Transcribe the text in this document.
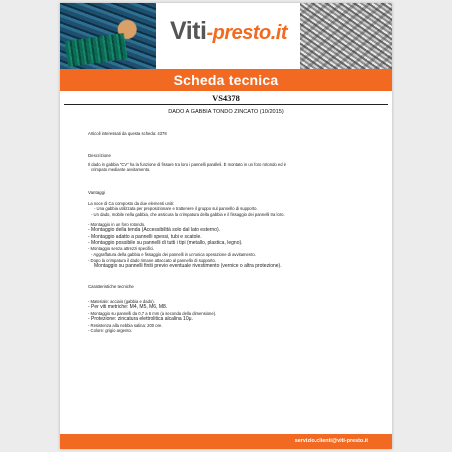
Viti-presto.it
Scheda tecnica
VS4378
DADO A GABBIA TONDO ZINCATO (10/2015)
Articoli interessati da questa scheda: 4378
Descrizione
Il dado in gabbia "CV" ha la funzione di fissare tra loro i pannelli paralleli. È montato in un foro rotondo ed è
crimpato mediante avvitamento.
Vantaggi
La noce di Ca composto da due elementi uniti:
- Una gabbia utilizzata per preposizionare e trattenere il gruppo sul pannello di supporto.
- Un dado, mobile nella gabbia, che assicura la crimpatura della gabbia e il fissaggio dei pannelli tra loro.
- Montaggio in un foro rotondo.
- Montaggio della tenda (Accessibilità solo dal lato esterno).
- Montaggio adatto a pannelli spessi, tubi e scatole.
- Montaggio possibile su pannelli di tutti i tipi (metallo, plastica, legno).
- Montaggio senza attrezzi specifici.
- Aggraffatura della gabbia e fissaggio dei pannelli in un'unica operazione di avvitamento.
- Dopo la crimpatura il dado rimane attaccato al pannello di supporto.
Montaggio su pannelli finiti previo eventuale rivestimento (vernice o altra protezione).
Caratteristiche tecniche
- Materiale: acciaio (gabbia e dado).
- Per viti metriche: M4, M5, M6, M8.
- Montaggio su pannelli da 0,7 a 6 mm (a seconda della dimensione).
- Protezione: zincatura elettrolitica alcalina 10μ.
- Resistenza alla nebbia salina: 200 ore.
- Colore: grigio argento.
servizio.clienti@viti-presto.it
